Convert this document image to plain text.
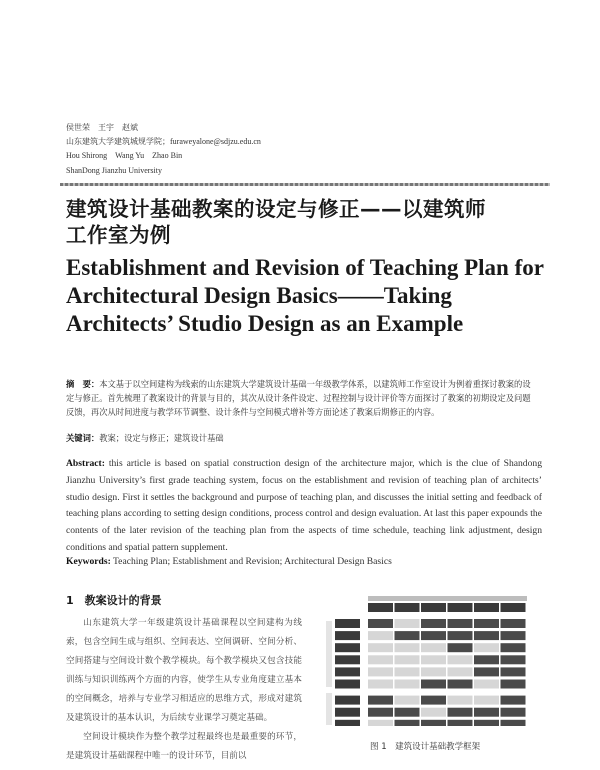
侯世荣　王宇　赵斌
山东建筑大学建筑城规学院；furaweyalone@sdjzu.edu.cn
Hou Shirong　Wang Yu　Zhao Bin
ShanDong Jianzhu University
建筑设计基础教案的设定与修正——以建筑师
工作室为例
Establishment and Revision of Teaching Plan for
Architectural Design Basics——Taking
Architects’ Studio Design as an Example
摘　要：本文基于以空间建构为线索的山东建筑大学建筑设计基础一年级教学体系，以建筑师工作室设计为例着重探讨教案的设定与修正。首先梳理了教案设计的背景与目的，其次从设计条件设定、过程控制与设计评价等方面探讨了教案的初期设定及问题反馈，再次从时间进度与教学环节调整、设计条件与空间模式增补等方面论述了教案后期修正的内容。
关键词：教案；设定与修正；建筑设计基础
Abstract: this article is based on spatial construction design of the architecture major, which is the clue of Shandong Jianzhu University’s first grade teaching system, focus on the establishment and revision of teaching plan of architects’ studio design. First it settles the background and purpose of teaching plan, and discusses the initial setting and feedback of teaching plans according to setting design conditions, process control and design evaluation. At last this paper expounds the contents of the later revision of the teaching plan from the aspects of time schedule, teaching link adjustment, design conditions and spatial pattern supplement.
Keywords: Teaching Plan; Establishment and Revision; Architectural Design Basics
1　教案设计的背景

山东建筑大学一年级建筑设计基础课程以空间建构为线索，包含空间生成与组织、空间表达、空间调研、空间分析、空间搭建与空间设计数个教学模块。每个教学模块又包含技能训练与知识训练两个方面的内容，使学生从专业角度建立基本的空间概念，培养与专业学习相适应的思维方式，形成对建筑及建筑设计的基本认识，为后续专业课学习奠定基础。

空间设计模块作为整个教学过程最终也是最重要的环节，是建筑设计基础课程中唯一的设计环节，目前以

图 1　建筑设计基础教学框架
